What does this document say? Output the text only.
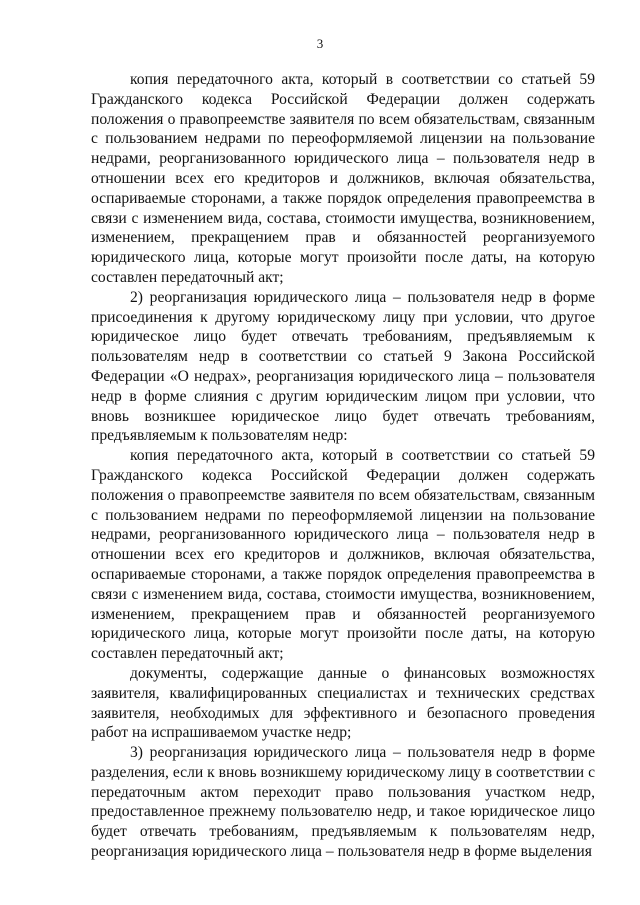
3

копия передаточного акта, который в соответствии со статьей 59 Гражданского кодекса Российской Федерации должен содержать положения о правопреемстве заявителя по всем обязательствам, связанным с пользованием недрами по переоформляемой лицензии на пользование недрами, реорганизованного юридического лица – пользователя недр в отношении всех его кредиторов и должников, включая обязательства, оспариваемые сторонами, а также порядок определения правопреемства в связи с изменением вида, состава, стоимости имущества, возникновением, изменением, прекращением прав и обязанностей реорганизуемого юридического лица, которые могут произойти после даты, на которую составлен передаточный акт;

2) реорганизация юридического лица – пользователя недр в форме присоединения к другому юридическому лицу при условии, что другое юридическое лицо будет отвечать требованиям, предъявляемым к пользователям недр в соответствии со статьей 9 Закона Российской Федерации «О недрах», реорганизация юридического лица – пользователя недр в форме слияния с другим юридическим лицом при условии, что вновь возникшее юридическое лицо будет отвечать требованиям, предъявляемым к пользователям недр:

копия передаточного акта, который в соответствии со статьей 59 Гражданского кодекса Российской Федерации должен содержать положения о правопреемстве заявителя по всем обязательствам, связанным с пользованием недрами по переоформляемой лицензии на пользование недрами, реорганизованного юридического лица – пользователя недр в отношении всех его кредиторов и должников, включая обязательства, оспариваемые сторонами, а также порядок определения правопреемства в связи с изменением вида, состава, стоимости имущества, возникновением, изменением, прекращением прав и обязанностей реорганизуемого юридического лица, которые могут произойти после даты, на которую составлен передаточный акт;

документы, содержащие данные о финансовых возможностях заявителя, квалифицированных специалистах и технических средствах заявителя, необходимых для эффективного и безопасного проведения работ на испрашиваемом участке недр;

3) реорганизация юридического лица – пользователя недр в форме разделения, если к вновь возникшему юридическому лицу в соответствии с передаточным актом переходит право пользования участком недр, предоставленное прежнему пользователю недр, и такое юридическое лицо будет отвечать требованиям, предъявляемым к пользователям недр, реорганизация юридического лица – пользователя недр в форме выделения
